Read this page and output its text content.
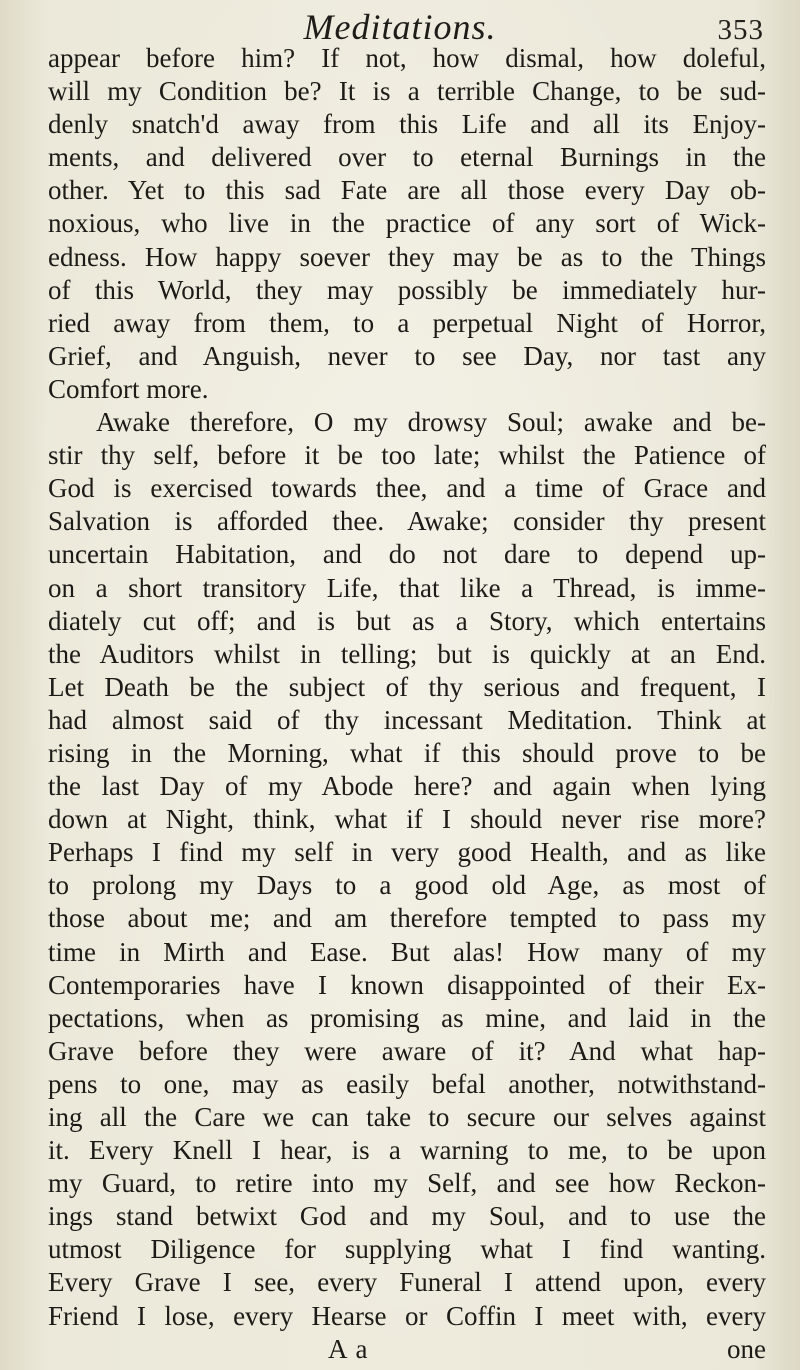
Meditations.	353
appear before him? If not, how dismal, how doleful,
will my Condition be? It is a terrible Change, to be sud-
denly snatch'd away from this Life and all its Enjoy-
ments, and delivered over to eternal Burnings in the
other. Yet to this sad Fate are all those every Day ob-
noxious, who live in the practice of any sort of Wick-
edness. How happy soever they may be as to the Things
of this World, they may possibly be immediately hur-
ried away from them, to a perpetual Night of Horror,
Grief, and Anguish, never to see Day, nor tast any
Comfort more.
Awake therefore, O my drowsy Soul; awake and be-
stir thy self, before it be too late; whilst the Patience of
God is exercised towards thee, and a time of Grace and
Salvation is afforded thee. Awake; consider thy present
uncertain Habitation, and do not dare to depend up-
on a short transitory Life, that like a Thread, is imme-
diately cut off; and is but as a Story, which entertains
the Auditors whilst in telling; but is quickly at an End.
Let Death be the subject of thy serious and frequent, I
had almost said of thy incessant Meditation. Think at
rising in the Morning, what if this should prove to be
the last Day of my Abode here? and again when lying
down at Night, think, what if I should never rise more?
Perhaps I find my self in very good Health, and as like
to prolong my Days to a good old Age, as most of
those about me; and am therefore tempted to pass my
time in Mirth and Ease. But alas! How many of my
Contemporaries have I known disappointed of their Ex-
pectations, when as promising as mine, and laid in the
Grave before they were aware of it? And what hap-
pens to one, may as easily befal another, notwithstand-
ing all the Care we can take to secure our selves against
it. Every Knell I hear, is a warning to me, to be upon
my Guard, to retire into my Self, and see how Reckon-
ings stand betwixt God and my Soul, and to use the
utmost Diligence for supplying what I find wanting.
Every Grave I see, every Funeral I attend upon, every
Friend I lose, every Hearse or Coffin I meet with, every
Aa	one
